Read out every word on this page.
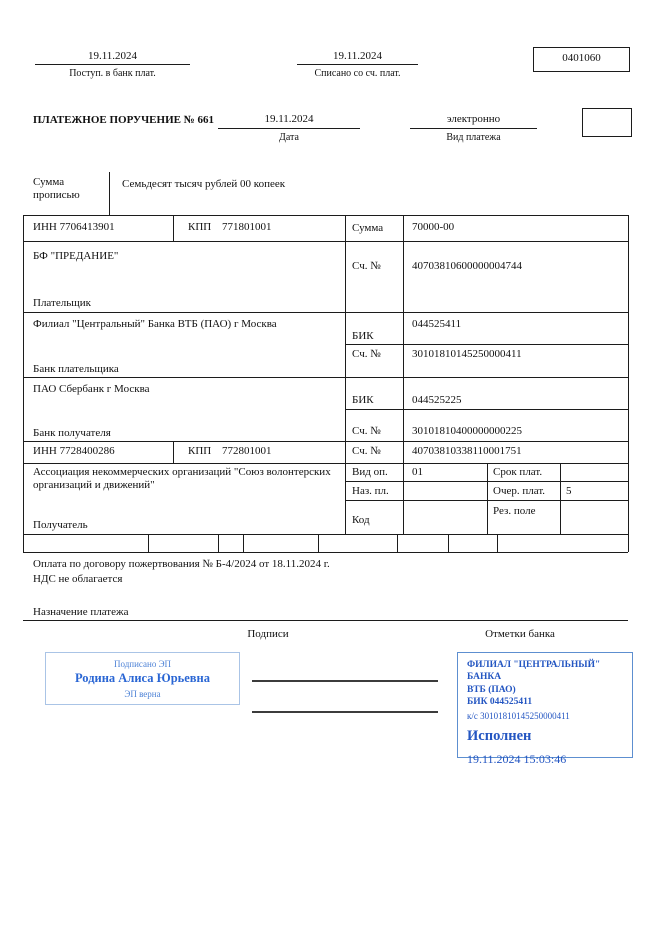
19.11.2024
Поступ. в банк плат.
19.11.2024
Списано со сч. плат.
0401060
ПЛАТЕЖНОЕ ПОРУЧЕНИЕ № 661	19.11.2024
Дата
электронно
Вид платежа
Сумма прописью
Семьдесят тысяч рублей 00 копеек
ИНН 7706413901	КПП 771801001	Сумма	70000-00
БФ "ПРЕДАНИЕ"
Плательщик
Сч. №	40703810600000004744
Филиал "Центральный" Банка ВТБ (ПАО) г Москва
БИК
044525411
Сч. №	30101810145250000411
Банк плательщика
ПАО Сбербанк г Москва
БИК	044525225
Сч. №	30101810400000000225
Банк получателя
ИНН 7728400286	КПП 772801001	Сч. №	40703810338110001751
Ассоциация некоммерческих организаций "Союз волонтерских организаций и движений"
Получатель
Вид оп. 01	Срок плат.
Наз. пл.	Очер. плат. 5
Код
Рез. поле
Оплата по договору пожертвования № Б-4/2024 от 18.11.2024 г.
НДС не облагается
Назначение платежа
Подписи	Отметки банка
Подписано ЭП
Родина Алиса Юрьевна
ЭП верна
ФИЛИАЛ "ЦЕНТРАЛЬНЫЙ" БАНКА
ВТБ (ПАО)
БИК 044525411
к/с 30101810145250000411
Исполнен
19.11.2024 15:03:46
